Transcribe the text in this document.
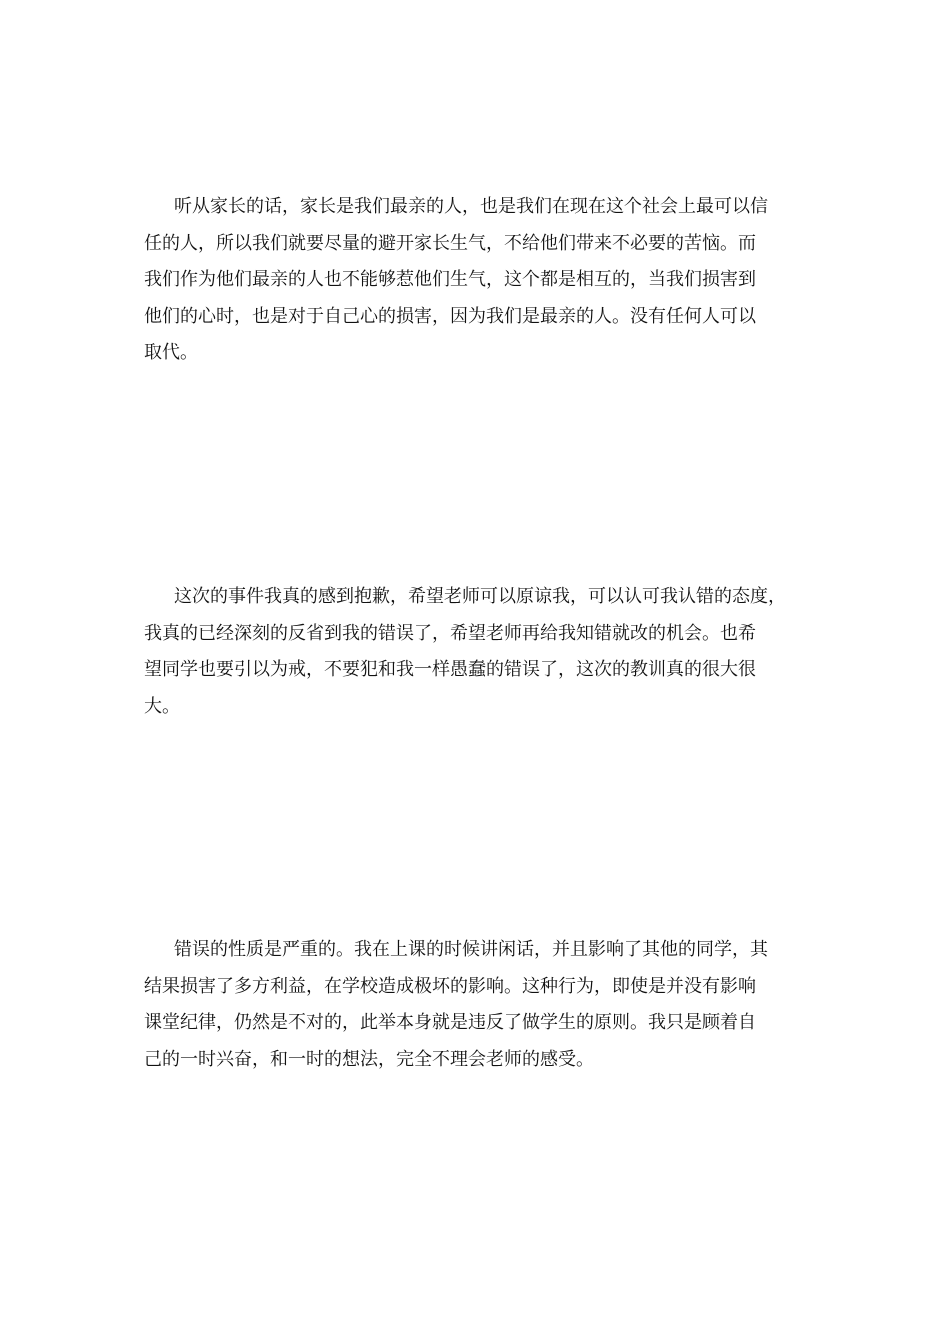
听从家长的话，家长是我们最亲的人，也是我们在现在这个社会上最可以信
任的人，所以我们就要尽量的避开家长生气，不给他们带来不必要的苦恼。而
我们作为他们最亲的人也不能够惹他们生气，这个都是相互的，当我们损害到
他们的心时，也是对于自己心的损害，因为我们是最亲的人。没有任何人可以
取代。
这次的事件我真的感到抱歉，希望老师可以原谅我，可以认可我认错的态度，
我真的已经深刻的反省到我的错误了，希望老师再给我知错就改的机会。也希
望同学也要引以为戒，不要犯和我一样愚蠢的错误了，这次的教训真的很大很
大。
错误的性质是严重的。我在上课的时候讲闲话，并且影响了其他的同学，其
结果损害了多方利益，在学校造成极坏的影响。这种行为，即使是并没有影响
课堂纪律，仍然是不对的，此举本身就是违反了做学生的原则。我只是顾着自
己的一时兴奋，和一时的想法，完全不理会老师的感受。
